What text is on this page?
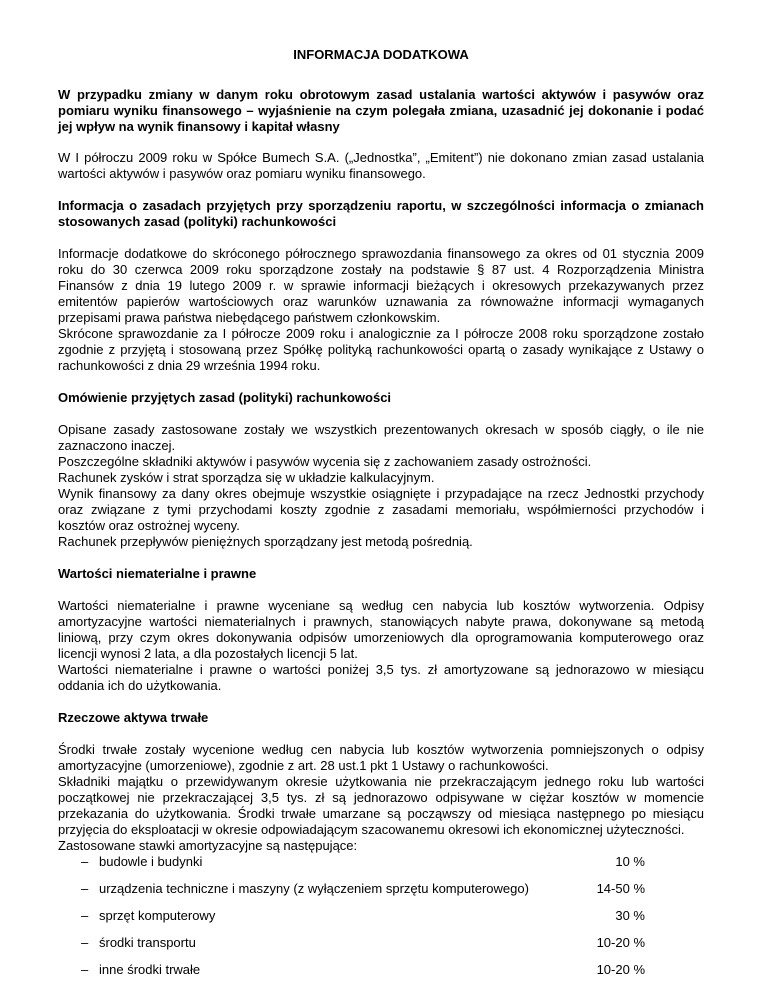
INFORMACJA DODATKOWA

W przypadku zmiany w danym roku obrotowym zasad ustalania wartości aktywów i pasywów oraz pomiaru wyniku finansowego – wyjaśnienie na czym polegała zmiana, uzasadnić jej dokonanie i podać jej wpływ na wynik finansowy i kapitał własny

W I półroczu 2009 roku w Spółce Bumech S.A. („Jednostka”, „Emitent”) nie dokonano zmian zasad ustalania wartości aktywów i pasywów oraz pomiaru wyniku finansowego.

Informacja o zasadach przyjętych przy sporządzeniu raportu, w szczególności informacja o zmianach stosowanych zasad (polityki) rachunkowości

Informacje dodatkowe do skróconego półrocznego sprawozdania finansowego za okres od 01 stycznia 2009 roku do 30 czerwca 2009 roku sporządzone zostały na podstawie § 87 ust. 4 Rozporządzenia Ministra Finansów z dnia 19 lutego 2009 r. w sprawie informacji bieżących i okresowych przekazywanych przez emitentów papierów wartościowych oraz warunków uznawania za równoważne informacji wymaganych przepisami prawa państwa niebędącego państwem członkowskim.

Skrócone sprawozdanie za I półrocze 2009 roku i analogicznie za I półrocze 2008 roku sporządzone zostało zgodnie z przyjętą i stosowaną przez Spółkę polityką rachunkowości opartą o zasady wynikające z Ustawy o rachunkowości z dnia 29 września 1994 roku.

Omówienie przyjętych zasad (polityki) rachunkowości

Opisane zasady zastosowane zostały we wszystkich prezentowanych okresach w sposób ciągły, o ile nie zaznaczono inaczej.

Poszczególne składniki aktywów i pasywów wycenia się z zachowaniem zasady ostrożności.

Rachunek zysków i strat sporządza się w układzie kalkulacyjnym.

Wynik finansowy za dany okres obejmuje wszystkie osiągnięte i przypadające na rzecz Jednostki przychody oraz związane z tymi przychodami koszty zgodnie z zasadami memoriału, współmierności przychodów i kosztów oraz ostrożnej wyceny.

Rachunek przepływów pieniężnych sporządzany jest metodą pośrednią.

Wartości niematerialne i prawne

Wartości niematerialne i prawne wyceniane są według cen nabycia lub kosztów wytworzenia. Odpisy amortyzacyjne wartości niematerialnych i prawnych, stanowiących nabyte prawa, dokonywane są metodą liniową, przy czym okres dokonywania odpisów umorzeniowych dla oprogramowania komputerowego oraz licencji wynosi 2 lata, a dla pozostałych licencji 5 lat.

Wartości niematerialne i prawne o wartości poniżej 3,5 tys. zł amortyzowane są jednorazowo w miesiącu oddania ich do użytkowania.

Rzeczowe aktywa trwałe

Środki trwałe zostały wycenione według cen nabycia lub kosztów wytworzenia pomniejszonych o odpisy amortyzacyjne (umorzeniowe), zgodnie z art. 28 ust.1 pkt 1 Ustawy o rachunkowości.

Składniki majątku o przewidywanym okresie użytkowania nie przekraczającym jednego roku lub wartości początkowej nie przekraczającej 3,5 tys. zł są jednorazowo odpisywane w ciężar kosztów w momencie przekazania do użytkowania. Środki trwałe umarzane są począwszy od miesiąca następnego po miesiącu przyjęcia do eksploatacji w okresie odpowiadającym szacowanemu okresowi ich ekonomicznej użyteczności.

Zastosowane stawki amortyzacyjne są następujące:

– budowle i budynki	10 %
– urządzenia techniczne i maszyny (z wyłączeniem sprzętu komputerowego)	14-50 %
– sprzęt komputerowy	30 %
– środki transportu	10-20 %
– inne środki trwałe	10-20 %
